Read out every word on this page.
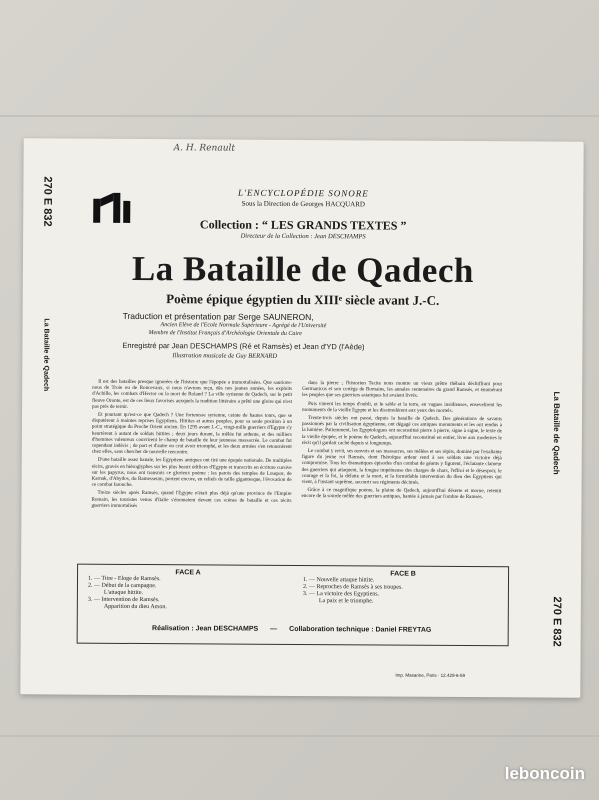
270 E 832
La Bataille de Qadech
La Bataille de Qadech
270 E 832
A. H. Renault
L'ENCYCLOPÉDIE SONORE
Sous la Direction de Georges HACQUARD
Collection : “ LES GRANDS TEXTES ”
Directeur de la Collection : Jean DESCHAMPS
La Bataille de Qadech
Poème épique égyptien du XIIIᵉ siècle avant J.-C.
Traduction et présentation par Serge SAUNERON,
Ancien Elève de l'Ecole Normale Supérieure - Agrégé de l'Université
Membre de l'Institut Français d'Archéologie Orientale du Caire
Enregistré par Jean DESCHAMPS (Ré et Ramsès) et Jean d'YD (l'Aède)
Illustration musicale de Guy BERNARD

Il est des batailles presque ignorées de l'histoire que l'épopée a immortalisées. Que saurions-nous de Troie ou de Roncevaux, si nous n'avions reçu, dès nos jeunes années, les exploits d'Achille, les combats d'Hector ou la mort de Roland ? La ville syrienne de Qadech, sur le petit fleuve Oronte, est de ces lieux favorisés auxquels la tradition littéraire a prêté une gloire qui n'est pas près de ternir.

Et pourtant qu'est-ce que Qadech ? Une forteresse syrienne, ceinte de hautes tours, que se disputèrent à maintes reprises Egyptiens, Hittites et autres peuples, pour sa seule position à un point stratégique du Proche Orient ancien. En 1295 avant J.-C., vingt-mille guerriers d'Egypte s'y heurtèrent à autant de soldats hittites ; deux jours durant, la mêlée fut ardente, et des milliers d'hommes valeureux couvrirent le champ de bataille de leur jeunesse massacrée. Le combat fut cependant indécis ; de part et d'autre on crut avoir triomphé, et les deux armées s'en retournèrent chez elles, sans chercher de nouvelle rencontre.

D'une bataille assez banale, les Egyptiens antiques ont tiré une épopée nationale. De multiples récits, gravés en hiéroglyphes sur les plus beaux édifices d'Egypte et transcrits en écriture cursive sur les papyrus, nous ont transmis ce glorieux poème : les parois des temples de Louqsor, de Karnak, d'Abydos, du Ramesseum, portent encore, en reliefs de taille gigantesque, l'évocation de ce combat farouche.

Treize siècles après Ramsès, quand l'Egypte n'était plus déjà qu'une province de l'Empire Romain, les touristes venus d'Italie s'étonnaient devant ces scènes de bataille et ces récits guerriers immortalisés

dans la pierre ; l'historien Tacite nous montre un vieux prêtre thébain déchiffrant pour Germanicus et son cortège de Romains, les annales centenaires du grand Ramsès, et énumérant les peuples que ses guerriers asiatiques lui avaient livrés.

Puis vinrent les temps d'oubli, et le sable et la terre, en vagues insidieuses, ensevelirent les monuments de la vieille Egypte et les dissimulèrent aux yeux des mortels.

Trente-trois siècles ont passé, depuis la bataille de Qadech. Des générations de savants passionnés par la civilisation égyptienne, ont dégagé ces antiques monuments et les ont rendus à la lumière. Patiemment, les Egyptologues ont reconstitué pierre à pierre, signe à signe, le texte de la vieille épopée, et le poème de Qadech, aujourd'hui reconstitué en entier, livre aux modernes le récit qu'il gardait caché depuis si longtemps.

Le combat y revit, ses renvois et ses massacres, ses mêlées et ses répits, dominé par l'exaltante figure du jeune roi Ramsès, dont l'héroïque ardeur rend à ses soldats une victoire déjà compromise. Tous les dramatiques épisodes d'un combat de géants y figurent, l'éclatante clameur des guerriers qui attaquent, la fougue impétueuse des charges de chars, l'effroi et le désespoir, le courage et la foi, la défaite et la mort, et la formidable intervention du dieu des Egyptiens qui vient, à l'instant suprême, secourir ses régiments décimés.

Grâce à ce magnifique poème, la plaine de Qadech, aujourd'hui déserte et morne, retentit encore de la sourde mêlée des guerriers antiques, hantée à jamais par l'ombre de Ramsès.

FACE A
1. — Titre - Eloge de Ramsès.
2. — Début de la campagne.
L'attaque hittite.
3. — Intervention de Ramsès.
Apparition du dieu Amon.
FACE B
1. — Nouvelle attaque hittite.
2. — Reproches de Ramsès à ses troupes.
3. — La victoire des Egyptiens.
La paix et le triomphe.
Réalisation : Jean DESCHAMPS — Collaboration technique : Daniel FREYTAG
Imp. Masarine, Paris · 12.429-6-59
leboncoin
